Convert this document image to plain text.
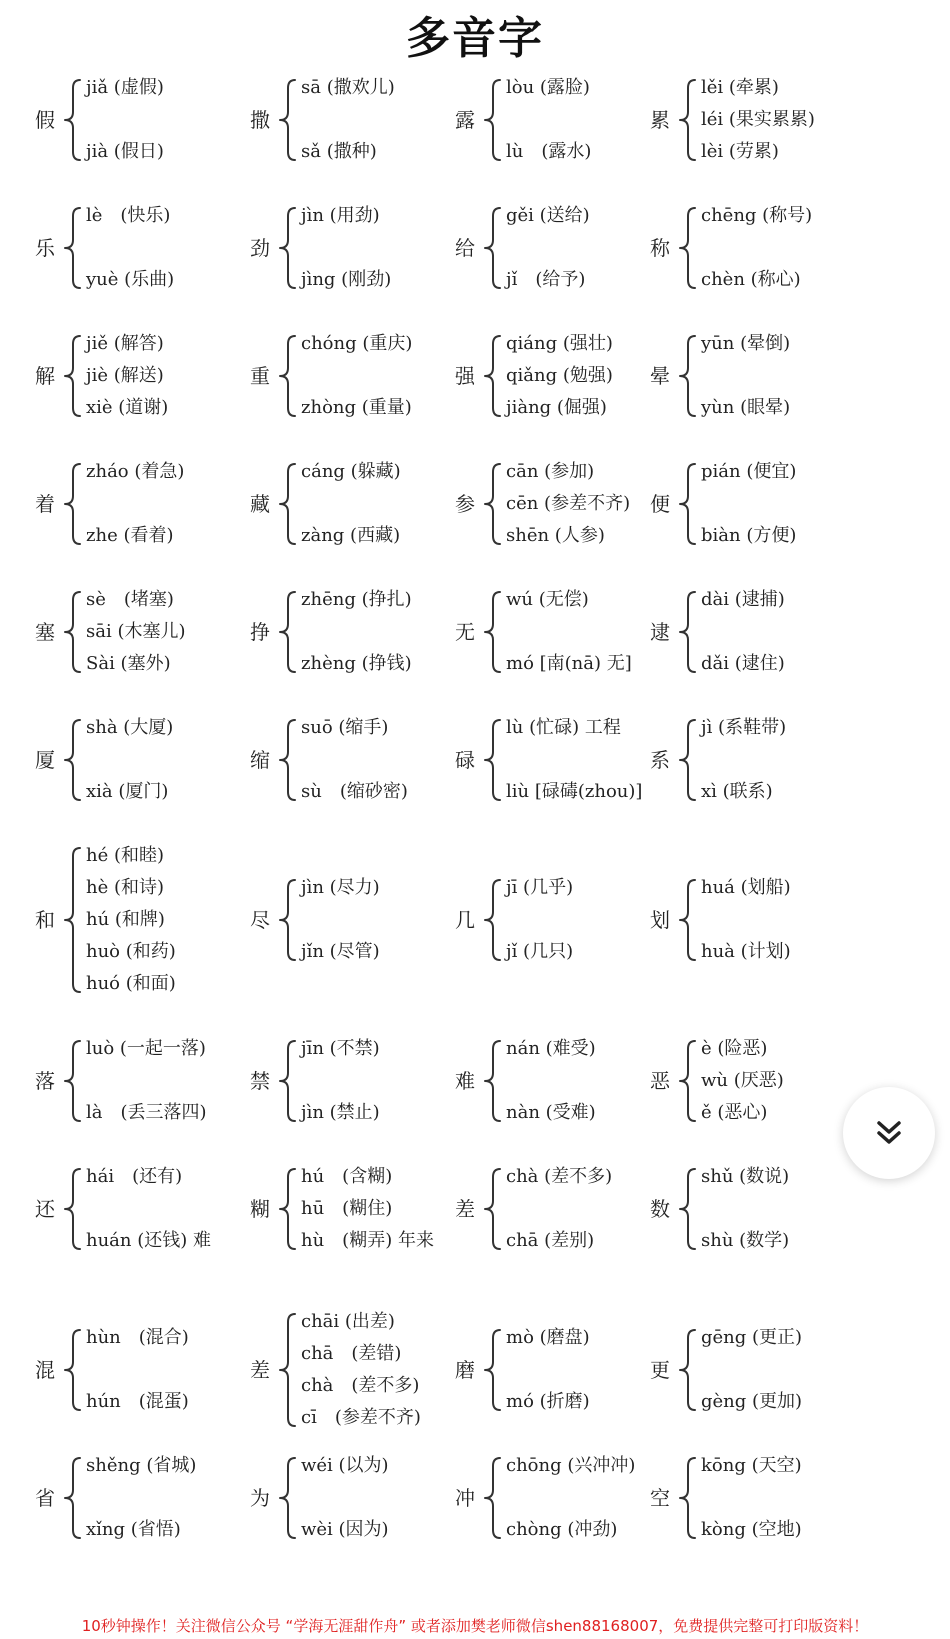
多音字
假
jiǎ (虚假)
jià (假日)
撒
sā (撒欢儿)
sǎ (撒种)
露
lòu (露脸)
lù　(露水)
累
lěi (牵累)
léi (果实累累)
lèi (劳累)
乐
lè　(快乐)
yuè (乐曲)
劲
jìn (用劲)
jìng (刚劲)
给
gěi (送给)
jǐ　(给予)
称
chēng (称号)
chèn (称心)
解
jiě (解答)
jiè (解送)
xiè (道谢)
重
chóng (重庆)
zhòng (重量)
强
qiáng (强壮)
qiǎng (勉强)
jiàng (倔强)
晕
yūn (晕倒)
yùn (眼晕)
着
zháo (着急)
zhe (看着)
藏
cáng (躲藏)
zàng (西藏)
参
cān (参加)
cēn (参差不齐)
shēn (人参)
便
pián (便宜)
biàn (方便)
塞
sè　(堵塞)
sāi (木塞儿)
Sài (塞外)
挣
zhēng (挣扎)
zhèng (挣钱)
无
wú (无偿)
mó [南(nā) 无]
逮
dài (逮捕)
dǎi (逮住)
厦
shà (大厦)
xià (厦门)
缩
suō (缩手)
sù　(缩砂密)
碌
lù (忙碌) 工程
liù [碌碡(zhou)]
系
jì (系鞋带)
xì (联系)
和
hé (和睦)
hè (和诗)
hú (和牌)
huò (和药)
huó (和面)
尽
jìn (尽力)
jǐn (尽管)
几
jī (几乎)
jǐ (几只)
划
huá (划船)
huà (计划)
落
luò (一起一落)
là　(丢三落四)
禁
jīn (不禁)
jìn (禁止)
难
nán (难受)
nàn (受难)
恶
è (险恶)
wù (厌恶)
ě (恶心)
还
hái　(还有)
huán (还钱) 难
糊
hú　(含糊)
hū　(糊住)
hù　(糊弄) 年来
差
chà (差不多)
chā (差别)
数
shǔ (数说)
shù (数学)
混
hùn　(混合)
hún　(混蛋)
差
chāi (出差)
chā　(差错)
chà　(差不多)
cī　(参差不齐)
磨
mò (磨盘)
mó (折磨)
更
gēng (更正)
gèng (更加)
省
shěng (省城)
xǐng (省悟)
为
wéi (以为)
wèi (因为)
冲
chōng (兴冲冲)
chòng (冲劲)
空
kōng (天空)
kòng (空地)
10秒钟操作！关注微信公众号 “学海无涯甜作舟” 或者添加樊老师微信shen88168007，免费提供完整可打印版资料！
